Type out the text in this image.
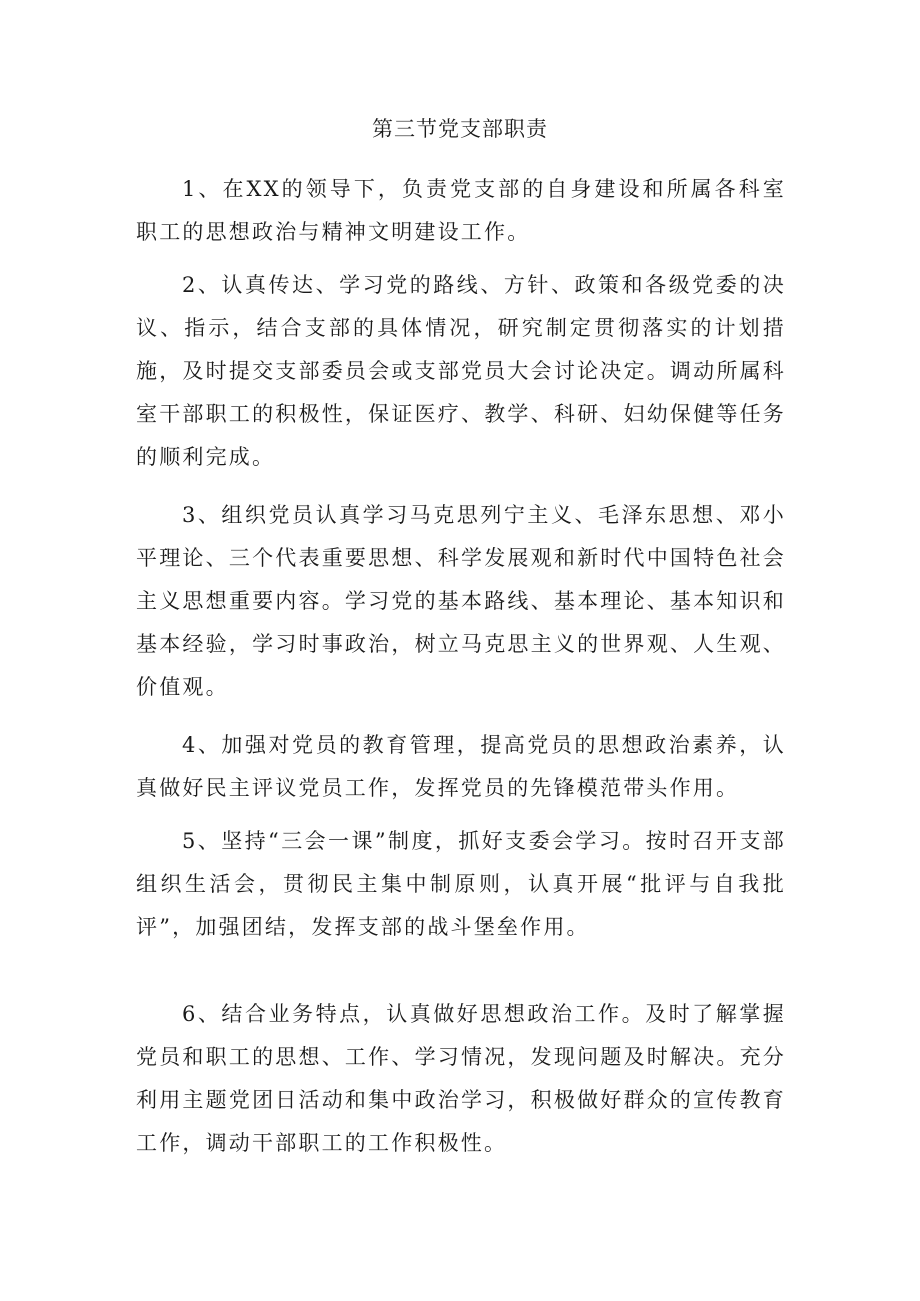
第三节党支部职责

1、在XX的领导下，负责党支部的自身建设和所属各科室职工的思想政治与精神文明建设工作。

2、认真传达、学习党的路线、方针、政策和各级党委的决议、指示，结合支部的具体情况，研究制定贯彻落实的计划措施，及时提交支部委员会或支部党员大会讨论决定。调动所属科室干部职工的积极性，保证医疗、教学、科研、妇幼保健等任务的顺利完成。

3、组织党员认真学习马克思列宁主义、毛泽东思想、邓小平理论、三个代表重要思想、科学发展观和新时代中国特色社会主义思想重要内容。学习党的基本路线、基本理论、基本知识和基本经验，学习时事政治，树立马克思主义的世界观、人生观、价值观。

4、加强对党员的教育管理，提高党员的思想政治素养，认真做好民主评议党员工作，发挥党员的先锋模范带头作用。

5、坚持“三会一课”制度，抓好支委会学习。按时召开支部组织生活会，贯彻民主集中制原则，认真开展“批评与自我批评”，加强团结，发挥支部的战斗堡垒作用。

6、结合业务特点，认真做好思想政治工作。及时了解掌握党员和职工的思想、工作、学习情况，发现问题及时解决。充分利用主题党团日活动和集中政治学习，积极做好群众的宣传教育工作，调动干部职工的工作积极性。
